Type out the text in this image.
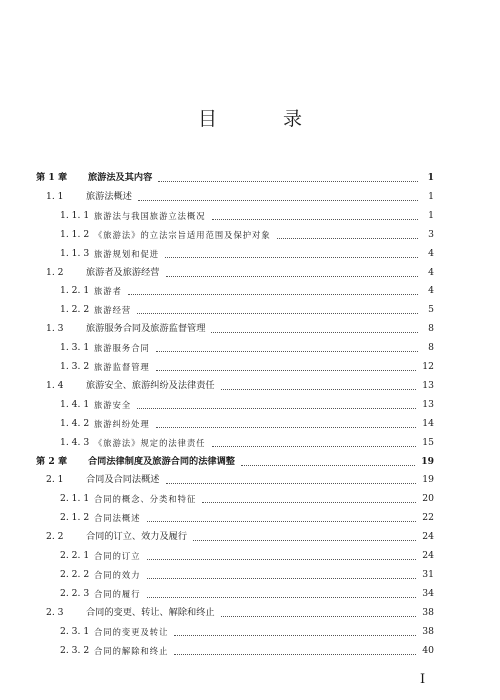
目 录
第 1 章	旅游法及其内容	1
1. 1	旅游法概述	1
1. 1. 1 旅游法与我国旅游立法概况	1
1. 1. 2 《旅游法》的立法宗旨适用范围及保护对象	3
1. 1. 3 旅游规划和促进	4
1. 2	旅游者及旅游经营	4
1. 2. 1 旅游者	4
1. 2. 2 旅游经营	5
1. 3	旅游服务合同及旅游监督管理	8
1. 3. 1 旅游服务合同	8
1. 3. 2 旅游监督管理	12
1. 4	旅游安全、旅游纠纷及法律责任	13
1. 4. 1 旅游安全	13
1. 4. 2 旅游纠纷处理	14
1. 4. 3 《旅游法》规定的法律责任	15
第 2 章	合同法律制度及旅游合同的法律调整	19
2. 1	合同及合同法概述	19
2. 1. 1 合同的概念、分类和特征	20
2. 1. 2 合同法概述	22
2. 2	合同的订立、效力及履行	24
2. 2. 1 合同的订立	24
2. 2. 2 合同的效力	31
2. 2. 3 合同的履行	34
2. 3	合同的变更、转让、解除和终止	38
2. 3. 1 合同的变更及转让	38
2. 3. 2 合同的解除和终止	40
I
